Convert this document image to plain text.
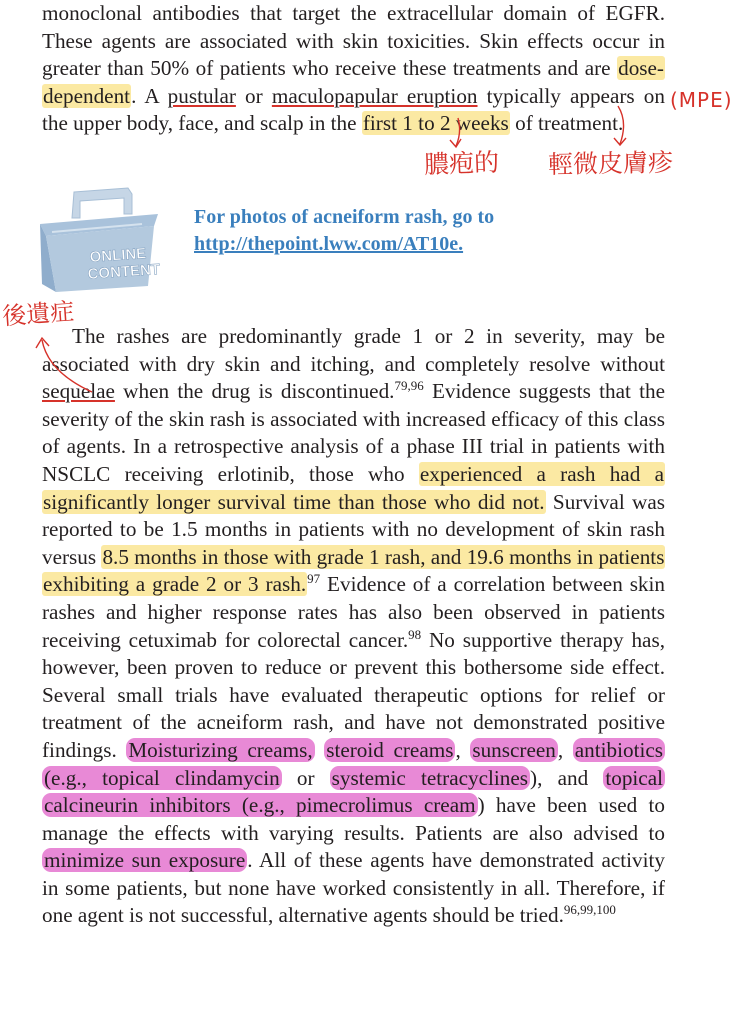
monoclonal antibodies that target the extracellular domain of EGFR. These agents are associated with skin toxicities. Skin effects occur in greater than 50% of patients who receive these treatments and are dose-dependent. A pustular or maculopapular eruption typically appears on the upper body, face, and scalp in the first 1 to 2 weeks of treatment.

ONLINE
CONTENT
For photos of acneiform rash, go to
http://thepoint.lww.com/AT10e.

The rashes are predominantly grade 1 or 2 in severity, may be associated with dry skin and itching, and completely resolve without sequelae when the drug is discontinued.$^{79,96}$ Evidence suggests that the severity of the skin rash is associated with increased efficacy of this class of agents. In a retrospective analysis of a phase III trial in patients with NSCLC receiving erlotinib, those who experienced a rash had a significantly longer survival time than those who did not. Survival was reported to be 1.5 months in patients with no development of skin rash versus 8.5 months in those with grade 1 rash, and 19.6 months in patients exhibiting a grade 2 or 3 rash.$^{97}$ Evidence of a correlation between skin rashes and higher response rates has also been observed in patients receiving cetuximab for colorectal cancer.$^{98}$ No supportive therapy has, however, been proven to reduce or prevent this bothersome side effect. Several small trials have evaluated therapeutic options for relief or treatment of the acneiform rash, and have not demonstrated positive findings. Moisturizing creams, steroid creams, sunscreen, antibiotics (e.g., topical clindamycin or systemic tetracyclines), and topical calcineurin inhibitors (e.g., pimecrolimus cream) have been used to manage the effects with varying results. Patients are also advised to minimize sun exposure. All of these agents have demonstrated activity in some patients, but none have worked consistently in all. Therefore, if one agent is not successful, alternative agents should be tried.$^{96,99,100}$

(MPE)
膿疱的 輕微皮膚疹
後遺症
